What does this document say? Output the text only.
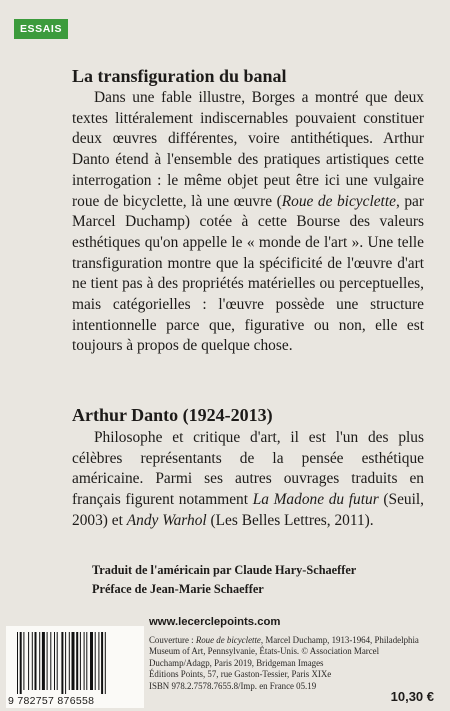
ESSAIS
La transfiguration du banal

Dans une fable illustre, Borges a montré que deux textes littéralement indiscernables pouvaient constituer deux œuvres différentes, voire antithétiques. Arthur Danto étend à l'ensemble des pratiques artistiques cette interrogation : le même objet peut être ici une vulgaire roue de bicyclette, là une œuvre (Roue de bicyclette, par Marcel Duchamp) cotée à cette Bourse des valeurs esthétiques qu'on appelle le « monde de l'art ». Une telle transfiguration montre que la spécificité de l'œuvre d'art ne tient pas à des propriétés matérielles ou perceptuelles, mais catégorielles : l'œuvre possède une structure intentionnelle parce que, figurative ou non, elle est toujours à propos de quelque chose.

Arthur Danto (1924-2013)

Philosophe et critique d'art, il est l'un des plus célèbres représentants de la pensée esthétique américaine. Parmi ses autres ouvrages traduits en français figurent notamment La Madone du futur (Seuil, 2003) et Andy Warhol (Les Belles Lettres, 2011).

Traduit de l'américain par Claude Hary-Schaeffer

Préface de Jean-Marie Schaeffer

www.lecerclepoints.com
Couverture : Roue de bicyclette, Marcel Duchamp, 1913-1964, Philadelphia Museum of Art, Pennsylvanie, États-Unis. © Association Marcel Duchamp/Adagp, Paris 2019, Bridgeman Images
Éditions Points, 57, rue Gaston-Tessier, Paris XIXe
ISBN 978.2.7578.7655.8/Imp. en France 05.19
9 782757 876558	10,30 €
